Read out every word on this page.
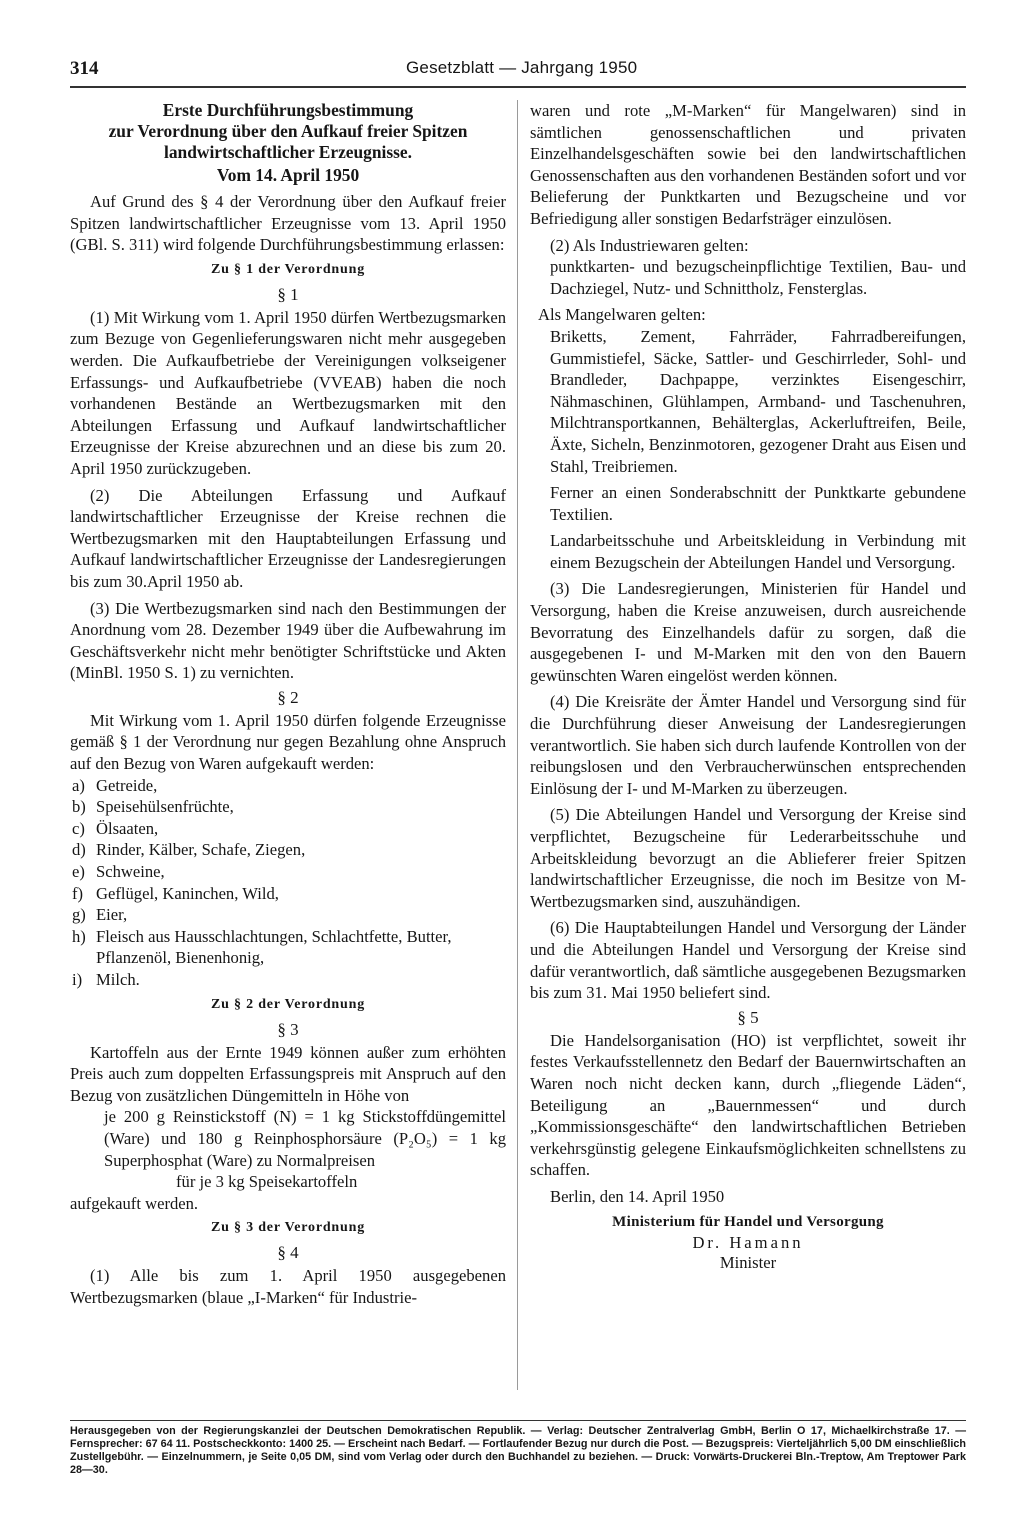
314	Gesetzblatt — Jahrgang 1950

Erste Durchführungsbestimmung

zur Verordnung über den Aufkauf freier Spitzen

landwirtschaftlicher Erzeugnisse.

Vom 14. April 1950

Auf Grund des § 4 der Verordnung über den Aufkauf freier Spitzen landwirtschaftlicher Erzeugnisse vom 13. April 1950 (GBl. S. 311) wird folgende Durchführungsbestimmung erlassen:

Zu § 1 der Verordnung

§ 1

(1) Mit Wirkung vom 1. April 1950 dürfen Wertbezugsmarken zum Bezuge von Gegenlieferungswaren nicht mehr ausgegeben werden. Die Aufkaufbetriebe der Vereinigungen volkseigener Erfassungs- und Aufkaufbetriebe (VVEAB) haben die noch vorhandenen Bestände an Wertbezugsmarken mit den Abteilungen Erfassung und Aufkauf landwirtschaftlicher Erzeugnisse der Kreise abzurechnen und an diese bis zum 20. April 1950 zurückzugeben.

(2) Die Abteilungen Erfassung und Aufkauf landwirtschaftlicher Erzeugnisse der Kreise rechnen die Wertbezugsmarken mit den Hauptabteilungen Erfassung und Aufkauf landwirtschaftlicher Erzeugnisse der Landesregierungen bis zum 30.April 1950 ab.

(3) Die Wertbezugsmarken sind nach den Bestimmungen der Anordnung vom 28. Dezember 1949 über die Aufbewahrung im Geschäftsverkehr nicht mehr benötigter Schriftstücke und Akten (MinBl. 1950 S. 1) zu vernichten.

§ 2

Mit Wirkung vom 1. April 1950 dürfen folgende Erzeugnisse gemäß § 1 der Verordnung nur gegen Bezahlung ohne Anspruch auf den Bezug von Waren aufgekauft werden:

a) Getreide,
b) Speisehülsenfrüchte,
c) Ölsaaten,
d) Rinder, Kälber, Schafe, Ziegen,
e) Schweine,
f) Geflügel, Kaninchen, Wild,
g) Eier,
h) Fleisch aus Hausschlachtungen, Schlachtfette, Butter, Pflanzenöl, Bienenhonig,
i) Milch.

Zu § 2 der Verordnung

§ 3

Kartoffeln aus der Ernte 1949 können außer zum erhöhten Preis auch zum doppelten Erfassungspreis mit Anspruch auf den Bezug von zusätzlichen Düngemitteln in Höhe von

je 200 g Reinstickstoff (N) = 1 kg Stickstoffdüngemittel (Ware) und 180 g Reinphosphorsäure (P₂O₅) = 1 kg Superphosphat (Ware) zu Normalpreisen

für je 3 kg Speisekartoffeln

aufgekauft werden.

Zu § 3 der Verordnung

§ 4

(1) Alle bis zum 1. April 1950 ausgegebenen Wertbezugsmarken (blaue „I-Marken“ für Industrie-

waren und rote „M-Marken“ für Mangelwaren) sind in sämtlichen genossenschaftlichen und privaten Einzelhandelsgeschäften sowie bei den landwirtschaftlichen Genossenschaften aus den vorhandenen Beständen sofort und vor Belieferung der Punktkarten und Bezugscheine und vor Befriedigung aller sonstigen Bedarfsträger einzulösen.

(2) Als Industriewaren gelten:

punktkarten- und bezugscheinpflichtige Textilien, Bau- und Dachziegel, Nutz- und Schnittholz, Fensterglas.

Als Mangelwaren gelten:

Briketts, Zement, Fahrräder, Fahrradbereifungen, Gummistiefel, Säcke, Sattler- und Geschirrleder, Sohl- und Brandleder, Dachpappe, verzinktes Eisengeschirr, Nähmaschinen, Glühlampen, Armband- und Taschenuhren, Milchtransportkannen, Behälterglas, Ackerluftreifen, Beile, Äxte, Sicheln, Benzinmotoren, gezogener Draht aus Eisen und Stahl, Treibriemen.

Ferner an einen Sonderabschnitt der Punktkarte gebundene Textilien.

Landarbeitsschuhe und Arbeitskleidung in Verbindung mit einem Bezugschein der Abteilungen Handel und Versorgung.

(3) Die Landesregierungen, Ministerien für Handel und Versorgung, haben die Kreise anzuweisen, durch ausreichende Bevorratung des Einzelhandels dafür zu sorgen, daß die ausgegebenen I- und M-Marken mit den von den Bauern gewünschten Waren eingelöst werden können.

(4) Die Kreisräte der Ämter Handel und Versorgung sind für die Durchführung dieser Anweisung der Landesregierungen verantwortlich. Sie haben sich durch laufende Kontrollen von der reibungslosen und den Verbraucherwünschen entsprechenden Einlösung der I- und M-Marken zu überzeugen.

(5) Die Abteilungen Handel und Versorgung der Kreise sind verpflichtet, Bezugscheine für Lederarbeitsschuhe und Arbeitskleidung bevorzugt an die Ablieferer freier Spitzen landwirtschaftlicher Erzeugnisse, die noch im Besitze von M-Wertbezugsmarken sind, auszuhändigen.

(6) Die Hauptabteilungen Handel und Versorgung der Länder und die Abteilungen Handel und Versorgung der Kreise sind dafür verantwortlich, daß sämtliche ausgegebenen Bezugsmarken bis zum 31. Mai 1950 beliefert sind.

§ 5

Die Handelsorganisation (HO) ist verpflichtet, soweit ihr festes Verkaufsstellennetz den Bedarf der Bauernwirtschaften an Waren noch nicht decken kann, durch „fliegende Läden“, Beteiligung an „Bauernmessen“ und durch „Kommissionsgeschäfte“ den landwirtschaftlichen Betrieben verkehrsgünstig gelegene Einkaufsmöglichkeiten schnellstens zu schaffen.

Berlin, den 14. April 1950

Ministerium für Handel und Versorgung
Dr. Hamann
Minister
Herausgegeben von der Regierungskanzlei der Deutschen Demokratischen Republik. — Verlag: Deutscher Zentralverlag GmbH, Berlin O 17, Michaelkirchstraße 17. — Fernsprecher: 67 64 11. Postscheckkonto: 1400 25. — Erscheint nach Bedarf. — Fortlaufender Bezug nur durch die Post. — Bezugspreis: Vierteljährlich 5,00 DM einschließlich Zustellgebühr. — Einzelnummern, je Seite 0,05 DM, sind vom Verlag oder durch den Buchhandel zu beziehen. — Druck: Vorwärts-Druckerei Bln.-Treptow, Am Treptower Park 28—30.
